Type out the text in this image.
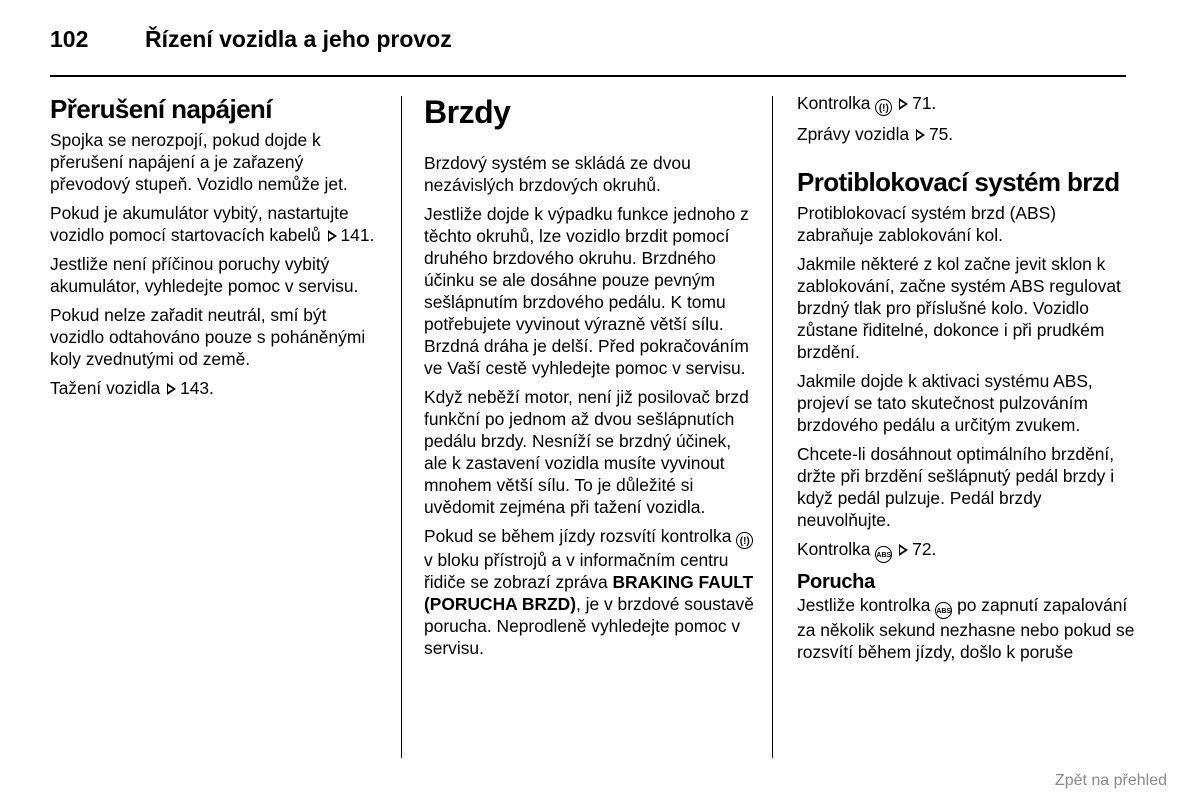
102 Řízení vozidla a jeho provoz
Přerušení napájení

Spojka se nerozpojí, pokud dojde k přerušení napájení a je zařazený převodový stupeň. Vozidlo nemůže jet.

Pokud je akumulátor vybitý, nastartujte vozidlo pomocí startovacích kabelů 141.

Jestliže není příčinou poruchy vybitý akumulátor, vyhledejte pomoc v servisu.

Pokud nelze zařadit neutrál, smí být vozidlo odtahováno pouze s poháněnými koly zvednutými od země.

Tažení vozidla 143.

Brzdy

Brzdový systém se skládá ze dvou nezávislých brzdových okruhů.

Jestliže dojde k výpadku funkce jednoho z těchto okruhů, lze vozidlo brzdit pomocí druhého brzdového okruhu. Brzdného účinku se ale dosáhne pouze pevným sešlápnutím brzdového pedálu. K tomu potřebujete vyvinout výrazně větší sílu. Brzdná dráha je delší. Před pokračováním ve Vaší cestě vyhledejte pomoc v servisu.

Když neběží motor, není již posilovač brzd funkční po jednom až dvou sešlápnutích pedálu brzdy. Nesníží se brzdný účinek, ale k zastavení vozidla musíte vyvinout mnohem větší sílu. To je důležité si uvědomit zejména při tažení vozidla.

Pokud se během jízdy rozsvítí kontrolka (!) v bloku přístrojů a v informačním centru řidiče se zobrazí zpráva BRAKING FAULT (PORUCHA BRZD), je v brzdové soustavě porucha. Neprodleně vyhledejte pomoc v servisu.

Kontrolka (!) 71.

Zprávy vozidla 75.

Protiblokovací systém brzd

Protiblokovací systém brzd (ABS) zabraňuje zablokování kol.

Jakmile některé z kol začne jevit sklon k zablokování, začne systém ABS regulovat brzdný tlak pro příslušné kolo. Vozidlo zůstane řiditelné, dokonce i při prudkém brzdění.

Jakmile dojde k aktivaci systému ABS, projeví se tato skutečnost pulzováním brzdového pedálu a určitým zvukem.

Chcete-li dosáhnout optimálního brzdění, držte při brzdění sešlápnutý pedál brzdy i když pedál pulzuje. Pedál brzdy neuvolňujte.

Kontrolka ABS 72.

Porucha

Jestliže kontrolka ABS po zapnutí zapalování za několik sekund nezhasne nebo pokud se rozsvítí během jízdy, došlo k poruše

Zpět na přehled
